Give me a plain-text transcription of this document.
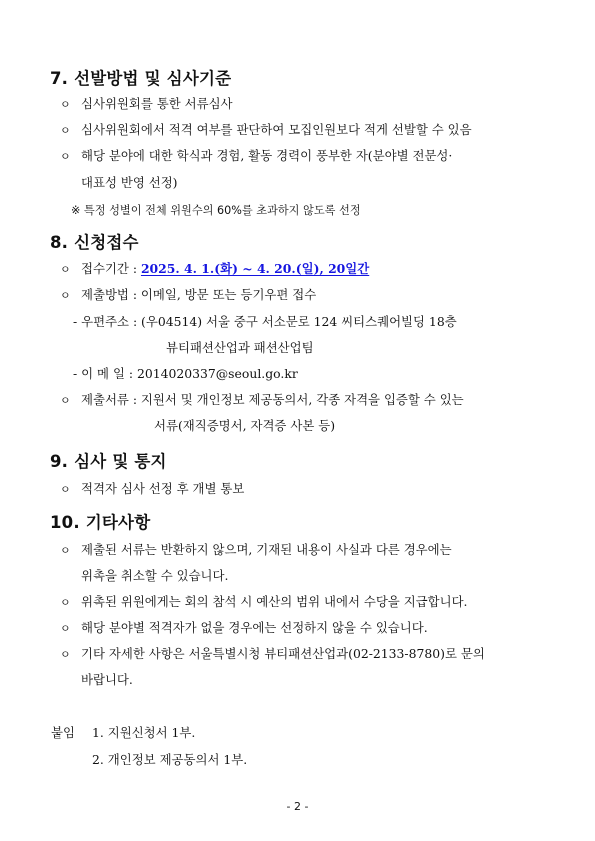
7. 선발방법 및 심사기준
ㅇ 심사위원회를 통한 서류심사
ㅇ 심사위원회에서 적격 여부를 판단하여 모집인원보다 적게 선발할 수 있음
ㅇ 해당 분야에 대한 학식과 경험, 활동 경력이 풍부한 자(분야별 전문성·
대표성 반영 선정)
※ 특정 성별이 전체 위원수의 60%를 초과하지 않도록 선정
8. 신청접수
ㅇ 접수기간 : 2025. 4. 1.(화) ~ 4. 20.(일), 20일간
ㅇ 제출방법 : 이메일, 방문 또는 등기우편 접수
- 우편주소 : (우04514) 서울 중구 서소문로 124 씨티스퀘어빌딩 18층
뷰티패션산업과 패션산업팀
- 이 메 일 : 2014020337@seoul.go.kr
ㅇ 제출서류 : 지원서 및 개인정보 제공동의서, 각종 자격을 입증할 수 있는
서류(재직증명서, 자격증 사본 등)
9. 심사 및 통지
ㅇ 적격자 심사 선정 후 개별 통보
10. 기타사항
ㅇ 제출된 서류는 반환하지 않으며, 기재된 내용이 사실과 다른 경우에는
위촉을 취소할 수 있습니다.
ㅇ 위촉된 위원에게는 회의 참석 시 예산의 범위 내에서 수당을 지급합니다.
ㅇ 해당 분야별 적격자가 없을 경우에는 선정하지 않을 수 있습니다.
ㅇ 기타 자세한 사항은 서울특별시청 뷰티패션산업과(02-2133-8780)로 문의
바랍니다.
붙임 1. 지원신청서 1부.
2. 개인정보 제공동의서 1부.
- 2 -
